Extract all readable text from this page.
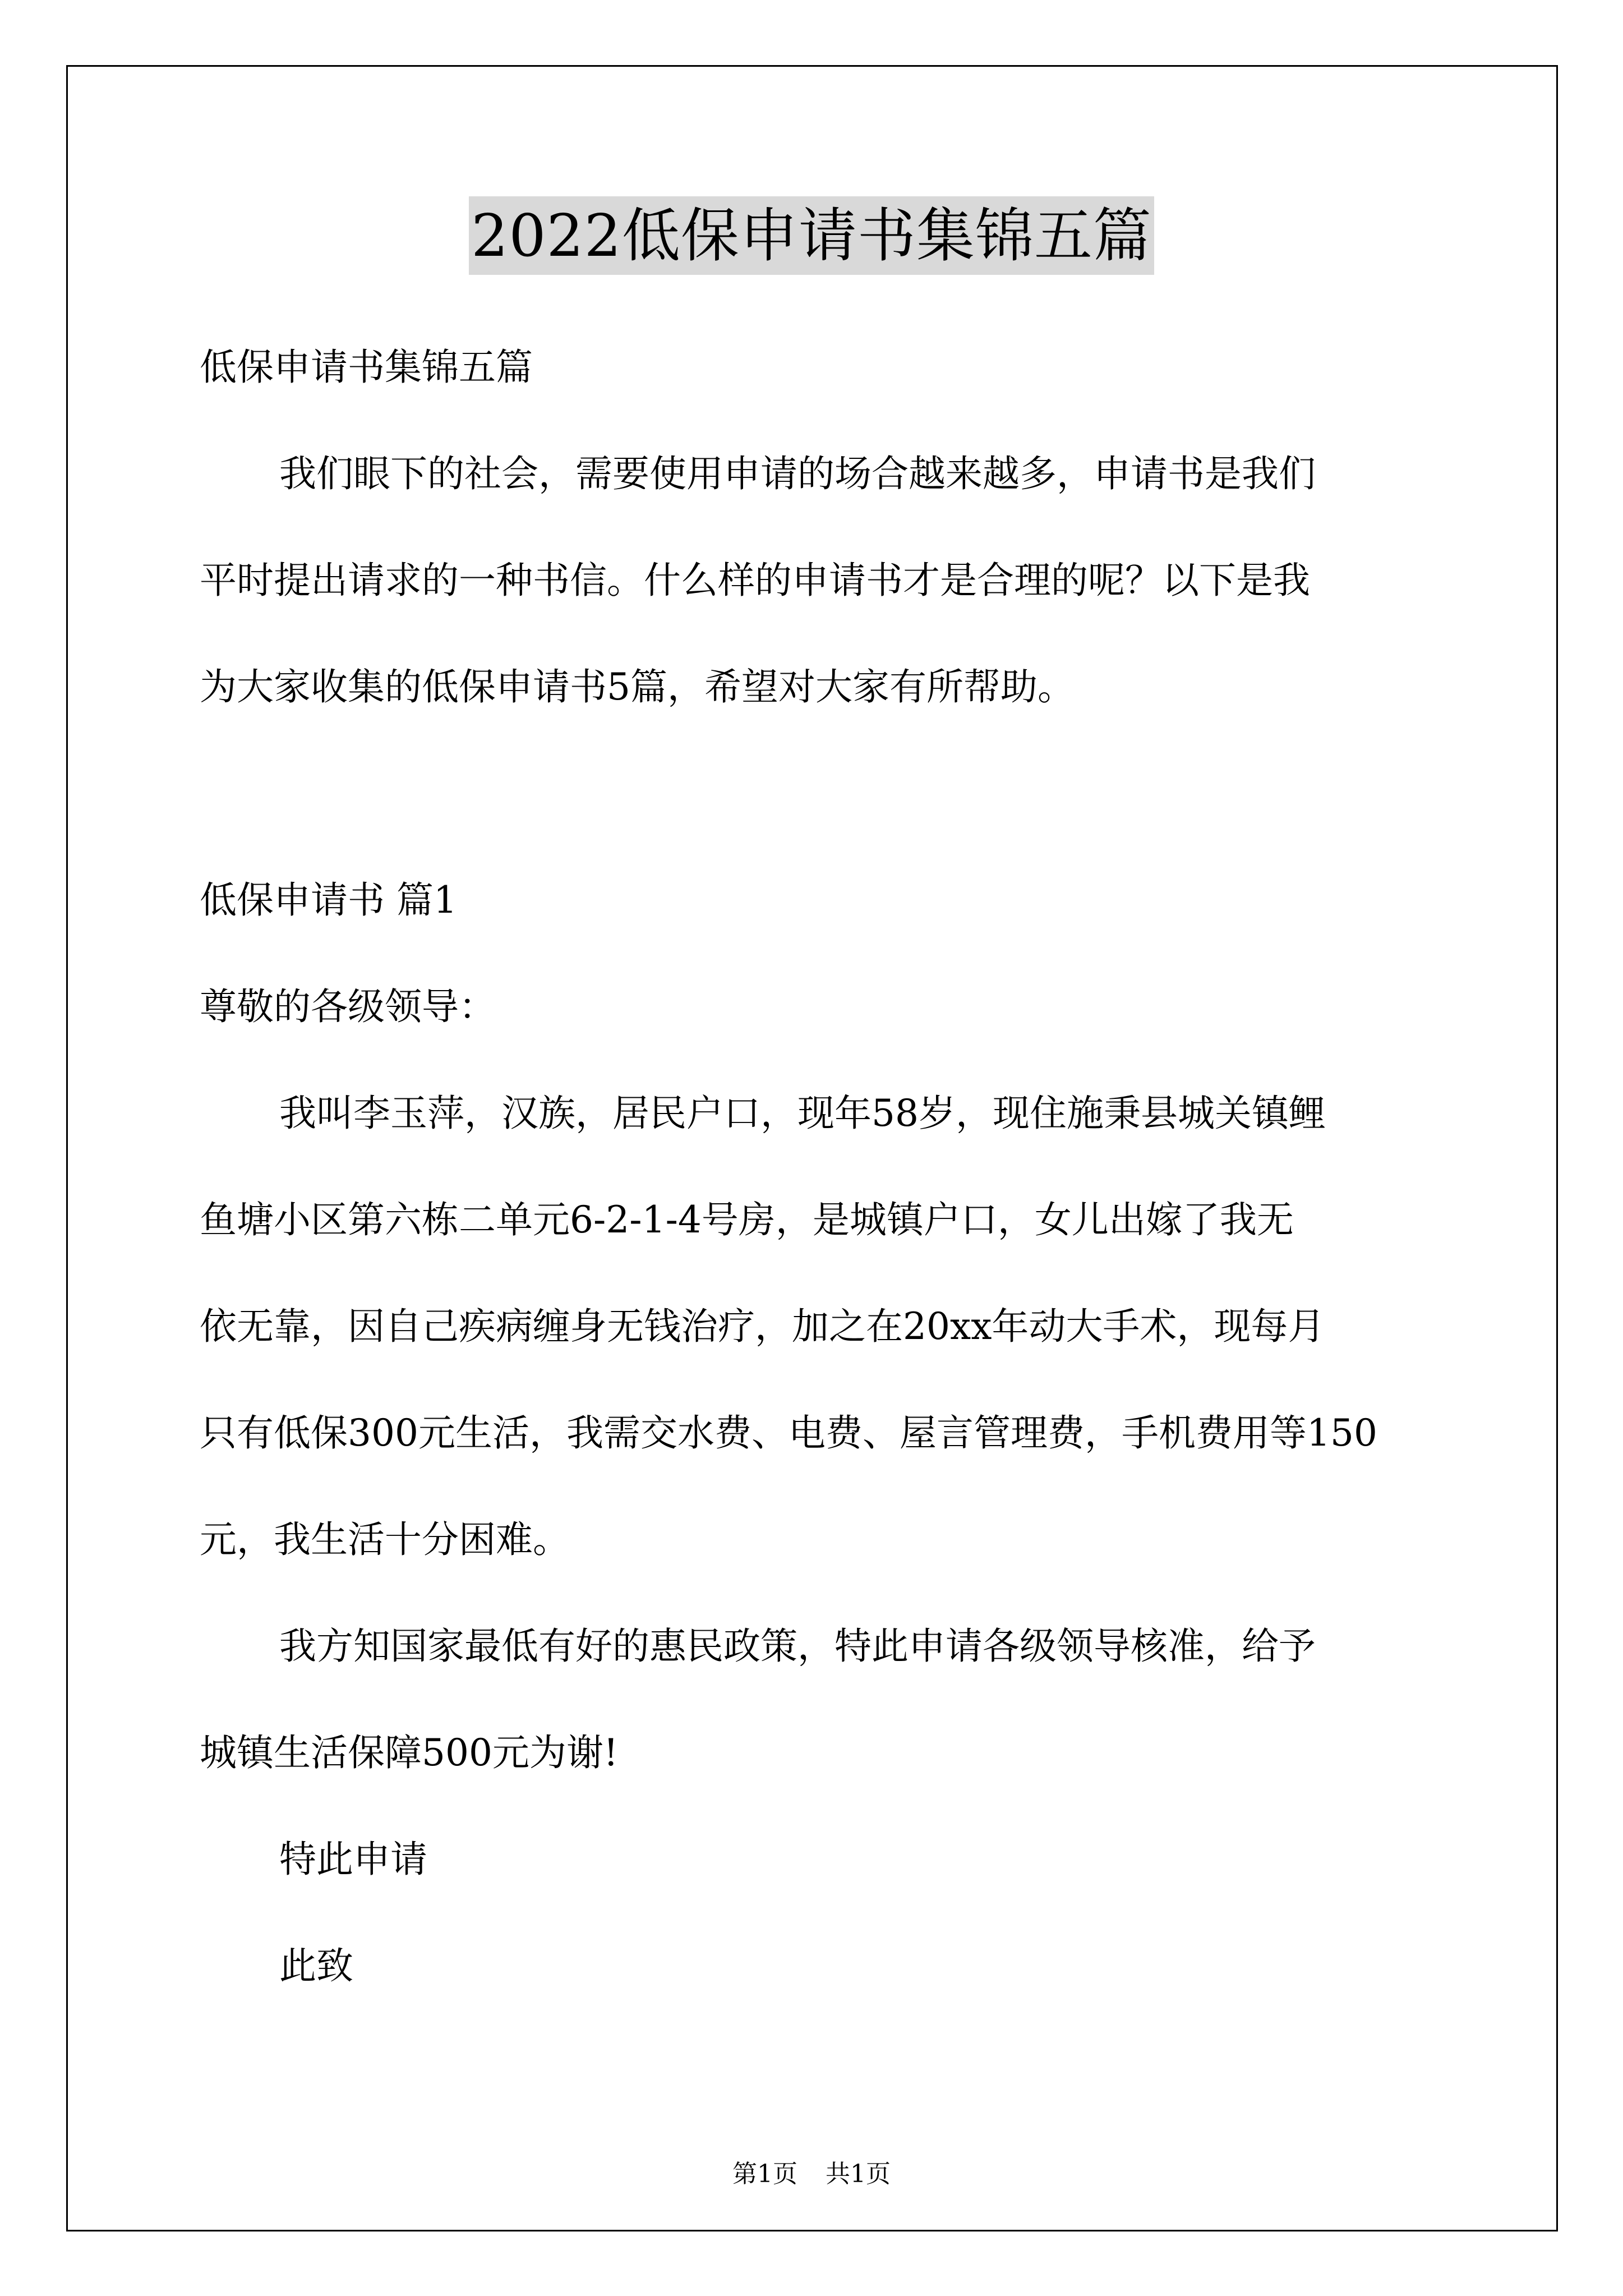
2022低保申请书集锦五篇

低保申请书集锦五篇

我们眼下的社会，需要使用申请的场合越来越多，申请书是我们

平时提出请求的一种书信。什么样的申请书才是合理的呢？以下是我

为大家收集的低保申请书5篇，希望对大家有所帮助。

低保申请书 篇1

尊敬的各级领导：

我叫李玉萍，汉族，居民户口，现年58岁，现住施秉县城关镇鲤

鱼塘小区第六栋二单元6-2-1-4号房，是城镇户口，女儿出嫁了我无

依无靠，因自己疾病缠身无钱治疗，加之在20xx年动大手术，现每月

只有低保300元生活，我需交水费、电费、屋言管理费，手机费用等150

元，我生活十分困难。

我方知国家最低有好的惠民政策，特此申请各级领导核准，给予

城镇生活保障500元为谢!

特此申请

此致

第1页 共1页
